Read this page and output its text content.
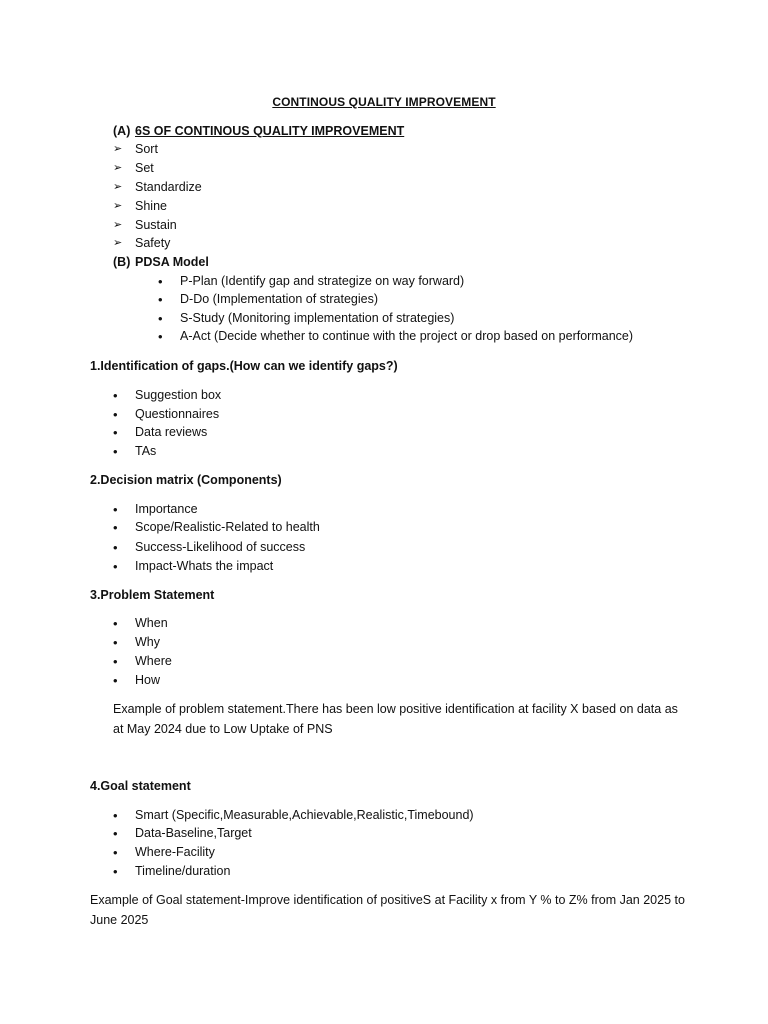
CONTINOUS QUALITY IMPROVEMENT
(A) 6S OF CONTINOUS QUALITY IMPROVEMENT
➢ Sort
➢ Set
➢ Standardize
➢ Shine
➢ Sustain
➢ Safety
(B) PDSA Model
• P-Plan (Identify gap and strategize on way forward)
• D-Do (Implementation of strategies)
• S-Study (Monitoring implementation of strategies)
• A-Act (Decide whether to continue with the project or drop based on performance)
1.Identification of gaps.(How can we identify gaps?)
• Suggestion box
• Questionnaires
• Data reviews
• TAs
2.Decision matrix (Components)
• Importance
• Scope/Realistic-Related to health
• Success-Likelihood of success
• Impact-Whats the impact
3.Problem Statement
• When
• Why
• Where
• How
Example of problem statement.There has been low positive identification at facility X based on data as at May 2024 due to Low Uptake of PNS
4.Goal statement
• Smart (Specific,Measurable,Achievable,Realistic,Timebound)
• Data-Baseline,Target
• Where-Facility
• Timeline/duration
Example of Goal statement-Improve identification of positiveS at Facility x from Y % to Z% from Jan 2025 to June 2025
